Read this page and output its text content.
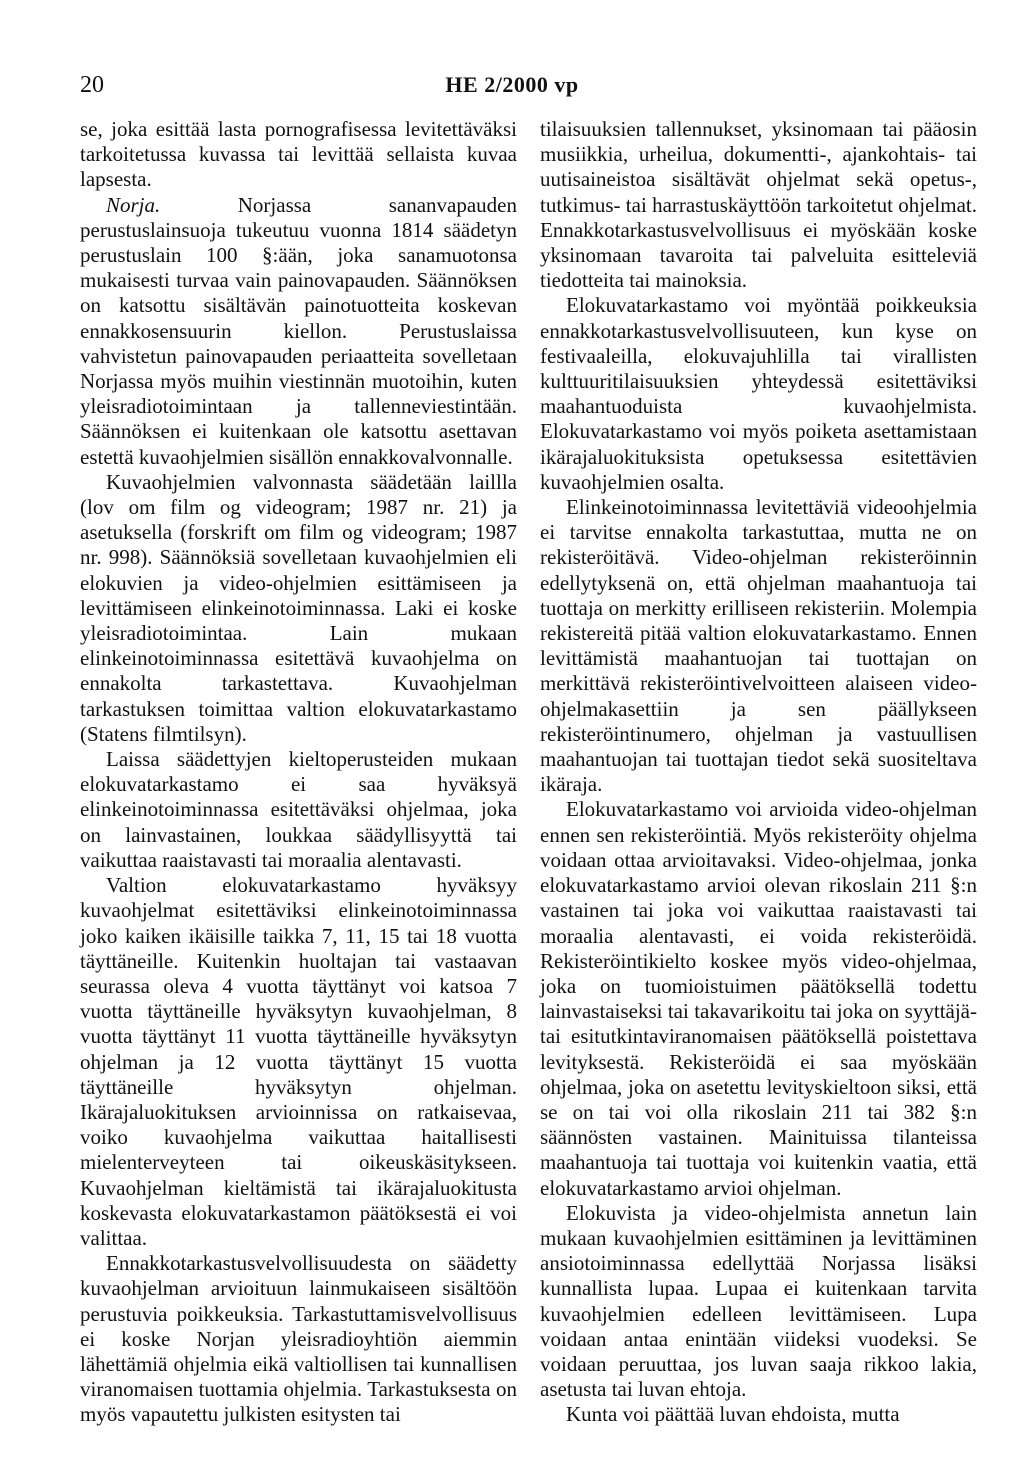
20	HE 2/2000 vp

se, joka esittää lasta pornografisessa levitettäväksi tarkoitetussa kuvassa tai levittää sellaista kuvaa lapsesta.

Norja.	Norjassa sananvapauden perustuslainsuoja tukeutuu vuonna 1814 säädetyn perustuslain 100 §:ään, joka sanamuotonsa mukaisesti turvaa vain painovapauden. Säännöksen on katsottu sisältävän painotuotteita koskevan ennakkosensuurin kiellon. Perustuslaissa vahvistetun painovapauden periaatteita sovelletaan Norjassa myös muihin viestinnän muotoihin, kuten yleisradiotoimintaan ja tallenneviestintään. Säännöksen ei kuitenkaan ole katsottu asettavan estettä kuvaohjelmien sisällön ennakkovalvonnalle.

Kuvaohjelmien valvonnasta säädetään laillla (lov om film og videogram; 1987 nr. 21) ja asetuksella (forskrift om film og videogram; 1987 nr. 998). Säännöksiä sovelletaan kuvaohjelmien eli elokuvien ja video-ohjelmien esittämiseen ja levittämiseen elinkeinotoiminnassa. Laki ei koske yleisradiotoimintaa. Lain mukaan elinkeinotoiminnassa esitettävä kuvaohjelma on ennakolta tarkastettava. Kuvaohjelman tarkastuksen toimittaa valtion elokuvatarkastamo (Statens filmtilsyn).

Laissa säädettyjen kieltoperusteiden mukaan elokuvatarkastamo ei saa hyväksyä elinkeinotoiminnassa esitettäväksi ohjelmaa, joka on lainvastainen, loukkaa säädyllisyyttä tai vaikuttaa raaistavasti tai moraalia alentavasti.

Valtion elokuvatarkastamo hyväksyy kuvaohjelmat esitettäviksi elinkeinotoiminnassa joko kaiken ikäisille taikka 7, 11, 15 tai 18 vuotta täyttäneille. Kuitenkin huoltajan tai vastaavan seurassa oleva 4 vuotta täyttänyt voi katsoa 7 vuotta täyttäneille hyväksytyn kuvaohjelman, 8 vuotta täyttänyt 11 vuotta täyttäneille hyväksytyn ohjelman ja 12 vuotta täyttänyt 15 vuotta täyttäneille hyväksytyn ohjelman. Ikärajaluokituksen arvioinnissa on ratkaisevaa, voiko kuvaohjelma vaikuttaa haitallisesti mielenterveyteen tai oikeuskäsitykseen. Kuvaohjelman kieltämistä tai ikärajaluokitusta koskevasta elokuvatarkastamon päätöksestä ei voi valittaa.

Ennakkotarkastusvelvollisuudesta on säädetty kuvaohjelman arvioituun lainmukaiseen sisältöön perustuvia poikkeuksia. Tarkastuttamisvelvollisuus ei koske Norjan yleisradioyhtiön aiemmin lähettämiä ohjelmia eikä valtiollisen tai kunnallisen viranomaisen tuottamia ohjelmia. Tarkastuksesta on myös vapautettu julkisten esitysten tai

tilaisuuksien tallennukset, yksinomaan tai pääosin musiikkia, urheilua, dokumentti-, ajankohtais- tai uutisaineistoa sisältävät ohjelmat sekä opetus-, tutkimus- tai harrastuskäyttöön tarkoitetut ohjelmat. Ennakkotarkastusvelvollisuus ei myöskään koske yksinomaan tavaroita tai palveluita esitteleviä tiedotteita tai mainoksia.

Elokuvatarkastamo voi myöntää poikkeuksia ennakkotarkastusvelvollisuuteen, kun kyse on festivaaleilla, elokuvajuhlilla tai virallisten kulttuuritilaisuuksien yhteydessä esitettäviksi maahantuoduista kuvaohjelmista. Elokuvatarkastamo voi myös poiketa asettamistaan ikärajaluokituksista opetuksessa esitettävien kuvaohjelmien osalta.

Elinkeinotoiminnassa levitettäviä videoohjelmia ei tarvitse ennakolta tarkastuttaa, mutta ne on rekisteröitävä. Video-ohjelman rekisteröinnin edellytyksenä on, että ohjelman maahantuoja tai tuottaja on merkitty erilliseen rekisteriin. Molempia rekistereitä pitää valtion elokuvatarkastamo. Ennen levittämistä maahantuojan tai tuottajan on merkittävä rekisteröintivelvoitteen alaiseen video-ohjelmakasettiin ja sen päällykseen rekisteröintinumero, ohjelman ja vastuullisen maahantuojan tai tuottajan tiedot sekä suositeltava ikäraja.

Elokuvatarkastamo voi arvioida video-ohjelman ennen sen rekisteröintiä. Myös rekisteröity ohjelma voidaan ottaa arvioitavaksi. Video-ohjelmaa, jonka elokuvatarkastamo arvioi olevan rikoslain 211 §:n vastainen tai joka voi vaikuttaa raaistavasti tai moraalia alentavasti, ei voida rekisteröidä. Rekisteröintikielto koskee myös video-ohjelmaa, joka on tuomioistuimen päätöksellä todettu lainvastaiseksi tai takavarikoitu tai joka on syyttäjä- tai esitutkintaviranomaisen päätöksellä poistettava levityksestä. Rekisteröidä ei saa myöskään ohjelmaa, joka on asetettu levityskieltoon siksi, että se on tai voi olla rikoslain 211 tai 382 §:n säännösten vastainen. Mainituissa tilanteissa maahantuoja tai tuottaja voi kuitenkin vaatia, että elokuvatarkastamo arvioi ohjelman.

Elokuvista ja video-ohjelmista annetun lain mukaan kuvaohjelmien esittäminen ja levittäminen ansiotoiminnassa edellyttää Norjassa lisäksi kunnallista lupaa. Lupaa ei kuitenkaan tarvita kuvaohjelmien edelleen levittämiseen. Lupa voidaan antaa enintään viideksi vuodeksi. Se voidaan peruuttaa, jos luvan saaja rikkoo lakia, asetusta tai luvan ehtoja.

Kunta voi päättää luvan ehdoista, mutta
